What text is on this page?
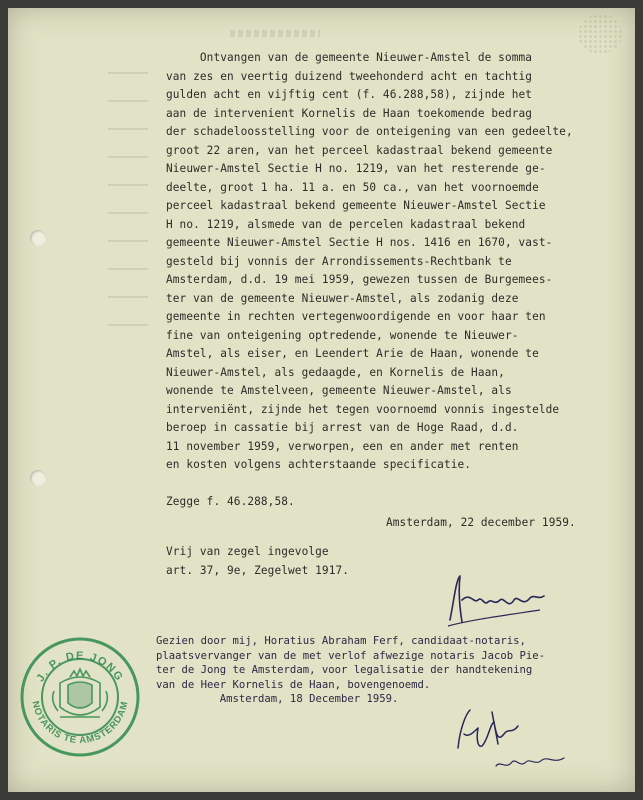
Ontvangen van de gemeente Nieuwer-Amstel de somma
van zes en veertig duizend tweehonderd acht en tachtig
gulden acht en vijftig cent (f. 46.288,58), zijnde het
aan de intervenient Kornelis de Haan toekomende bedrag
der schadeloosstelling voor de onteigening van een gedeelte,
groot 22 aren, van het perceel kadastraal bekend gemeente
Nieuwer-Amstel Sectie H no. 1219, van het resterende ge-
deelte, groot 1 ha. 11 a. en 50 ca., van het voornoemde
perceel kadastraal bekend gemeente Nieuwer-Amstel Sectie
H no. 1219, alsmede van de percelen kadastraal bekend
gemeente Nieuwer-Amstel Sectie H nos. 1416 en 1670, vast-
gesteld bij vonnis der Arrondissements-Rechtbank te
Amsterdam, d.d. 19 mei 1959, gewezen tussen de Burgemees-
ter van de gemeente Nieuwer-Amstel, als zodanig deze
gemeente in rechten vertegenwoordigende en voor haar ten
fine van onteigening optredende, wonende te Nieuwer-
Amstel, als eiser, en Leendert Arie de Haan, wonende te
Nieuwer-Amstel, als gedaagde, en Kornelis de Haan,
wonende te Amstelveen, gemeente Nieuwer-Amstel, als
interveniënt, zijnde het tegen voornoemd vonnis ingestelde
beroep in cassatie bij arrest van de Hoge Raad, d.d.
11 november 1959, verworpen, een en ander met renten
en kosten volgens achterstaande specificatie.
Zegge f. 46.288,58.
Amsterdam, 22 december 1959.
Vrij van zegel ingevolge
art. 37, 9e, Zegelwet 1917.
Gezien door mij, Horatius Abraham Ferf, candidaat-notaris,
plaatsvervanger van de met verlof afwezige notaris Jacob Pie-
ter de Jong te Amsterdam, voor legalisatie der handtekening
van de Heer Kornelis de Haan, bovengenoemd.
Amsterdam, 18 December 1959.
J. P. DE JONG
NOTARIS TE AMSTERDAM
